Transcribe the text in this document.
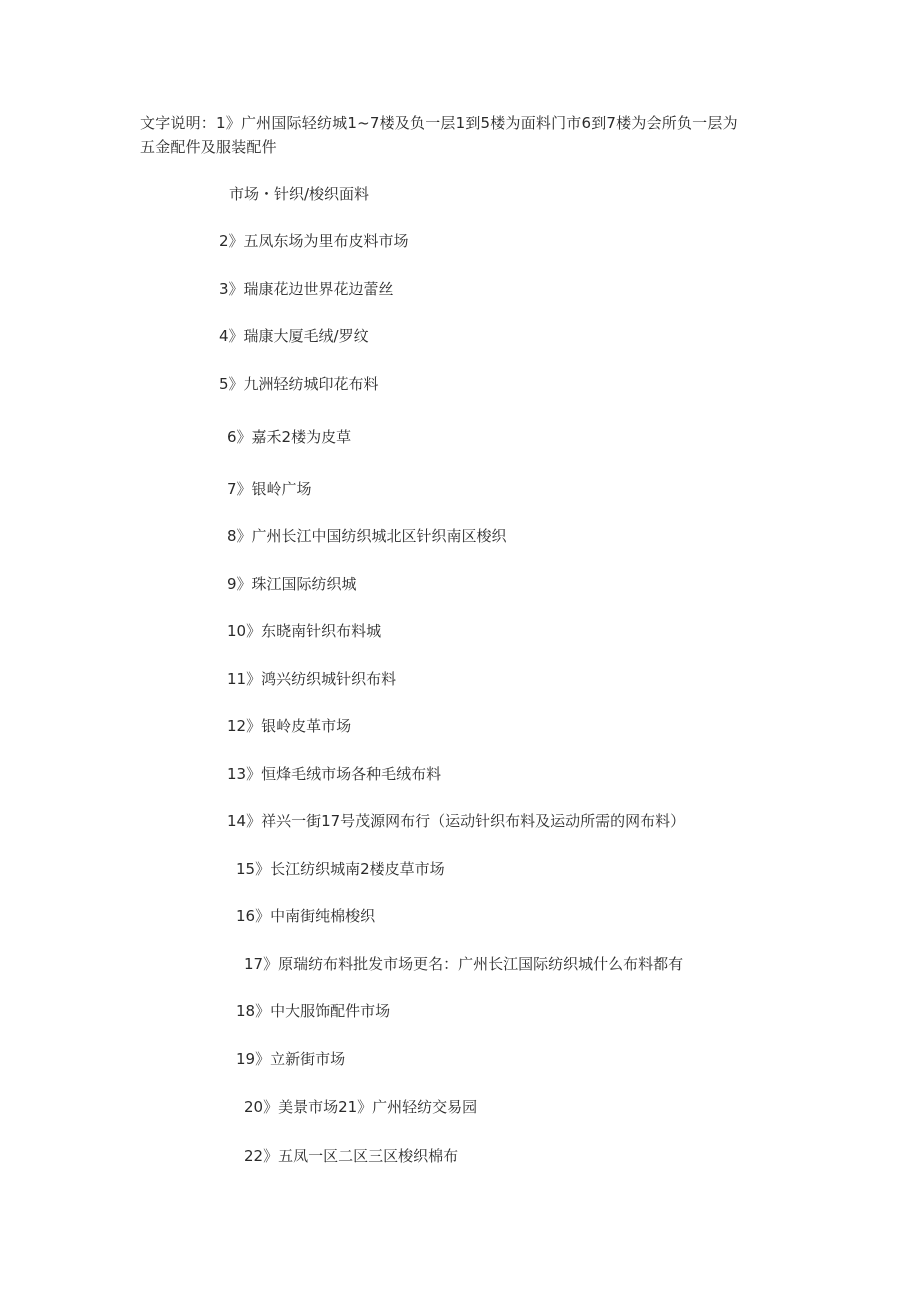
文字说明：1》广州国际轻纺城1~7楼及负一层1到5楼为面料门市6到7楼为会所负一层为
五金配件及服装配件

市场・针织/梭织面料

2》五凤东场为里布皮料市场

3》瑞康花边世界花边蕾丝

4》瑞康大厦毛绒/罗纹

5》九洲轻纺城印花布料

6》嘉禾2楼为皮草

7》银岭广场

8》广州长江中国纺织城北区针织南区梭织

9》珠江国际纺织城

10》东晓南针织布料城

11》鸿兴纺织城针织布料

12》银岭皮革市场

13》恒烽毛绒市场各种毛绒布料

14》祥兴一街17号茂源网布行（运动针织布料及运动所需的网布料）

15》长江纺织城南2楼皮草市场

16》中南街纯棉梭织

17》原瑞纺布料批发市场更名：广州长江国际纺织城什么布料都有

18》中大服饰配件市场

19》立新街市场

20》美景市场21》广州轻纺交易园

22》五凤一区二区三区梭织棉布
